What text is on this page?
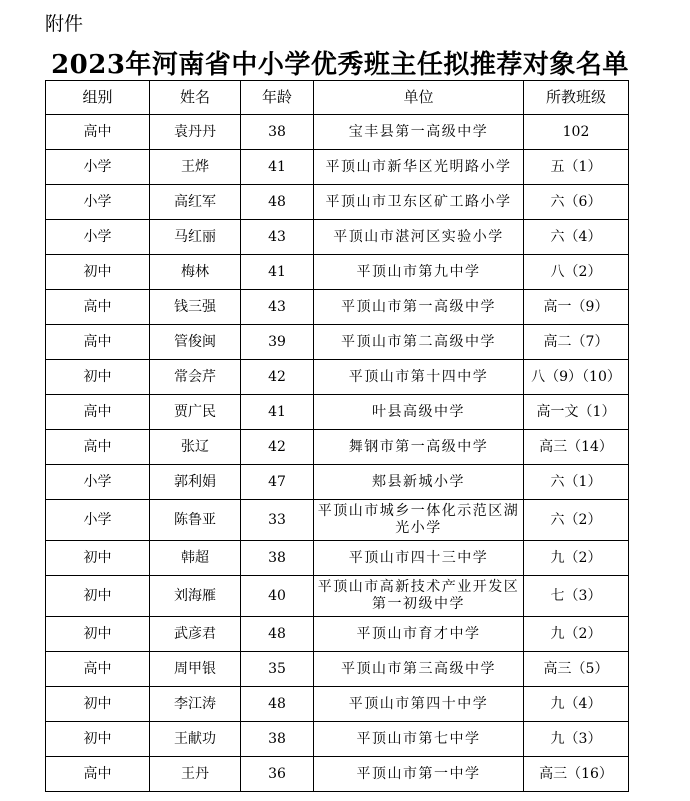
附件
2023年河南省中小学优秀班主任拟推荐对象名单
组别	姓名	年龄	单位	所教班级
高中	袁丹丹	38	宝丰县第一高级中学	102
小学	王烨	41	平顶山市新华区光明路小学	五（1）
小学	高红军	48	平顶山市卫东区矿工路小学	六（6）
小学	马红丽	43	平顶山市湛河区实验小学	六（4）
初中	梅林	41	平顶山市第九中学	八（2）
高中	钱三强	43	平顶山市第一高级中学	高一（9）
高中	管俊闽	39	平顶山市第二高级中学	高二（7）
初中	常会芹	42	平顶山市第十四中学	八（9）（10）
高中	贾广民	41	叶县高级中学	高一文（1）
高中	张辽	42	舞钢市第一高级中学	高三（14）
小学	郭利娟	47	郏县新城小学	六（1）
小学	陈鲁亚	33	平顶山市城乡一体化示范区湖光小学	六（2）
初中	韩超	38	平顶山市四十三中学	九（2）
初中	刘海雁	40	平顶山市高新技术产业开发区第一初级中学	七（3）
初中	武彦君	48	平顶山市育才中学	九（2）
高中	周甲银	35	平顶山市第三高级中学	高三（5）
初中	李江涛	48	平顶山市第四十中学	九（4）
初中	王献功	38	平顶山市第七中学	九（3）
高中	王丹	36	平顶山市第一中学	高三（16）
